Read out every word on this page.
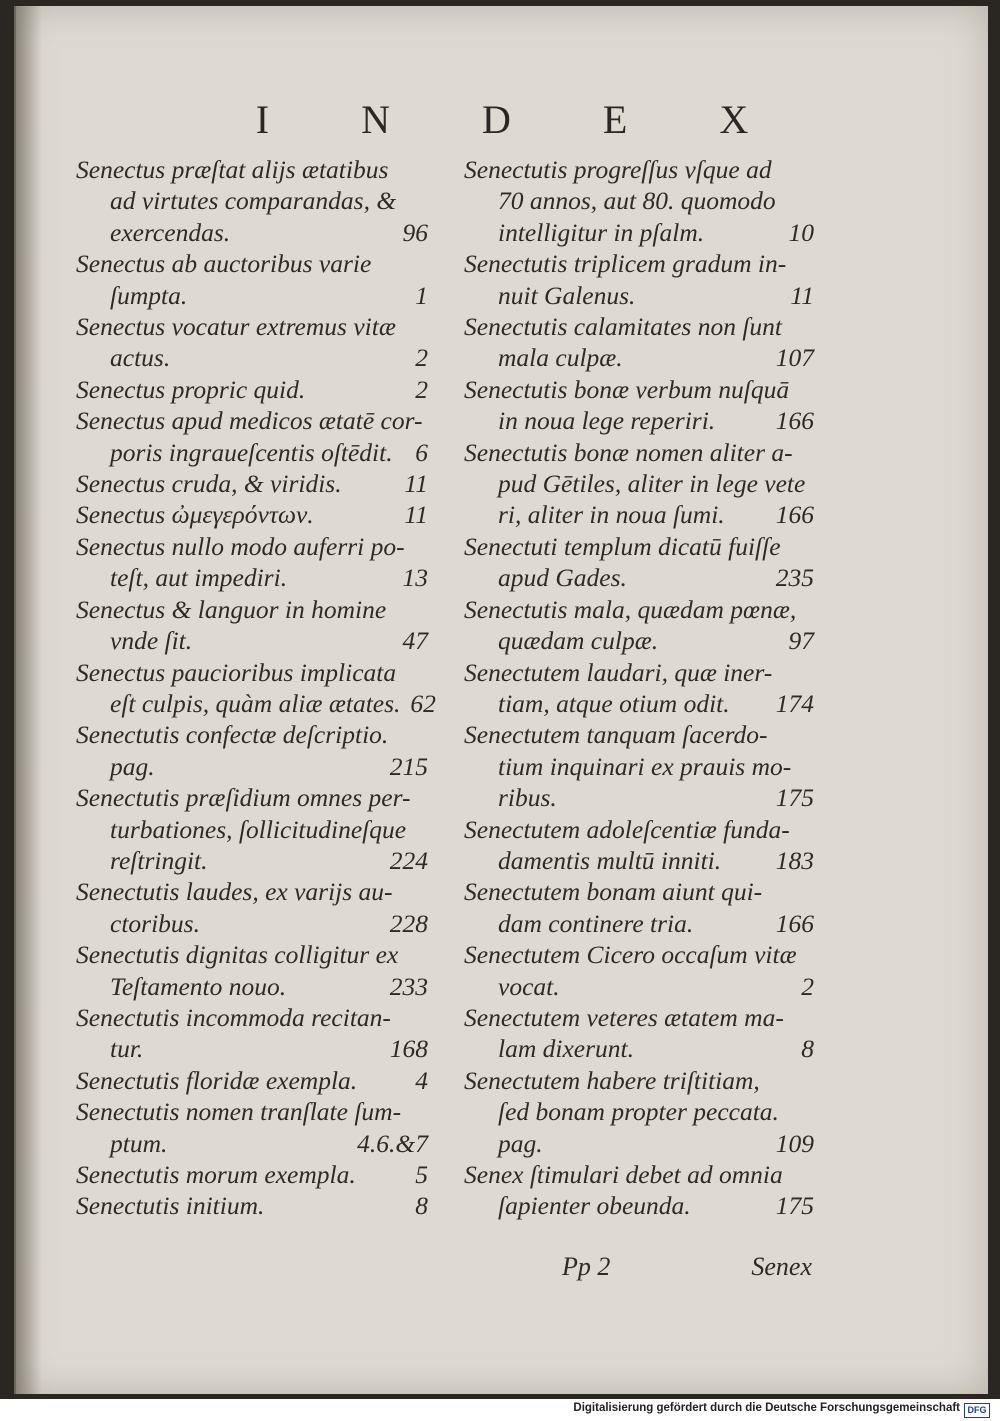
I N D E X
Senectus præſtat alijs ætatibus
ad virtutes comparandas, &
exercendas.	96
Senectus ab auctoribus varie
ſumpta.	1
Senectus vocatur extremus vitæ
actus.	2
Senectus propric quid.	2
Senectus apud medicos ætatē cor-
poris ingraueſcentis oſtēdit. 6
Senectus cruda, & viridis.	11
Senectus ὠμεγερόντων.	11
Senectus nullo modo auferri po-
teſt, aut impediri.	13
Senectus & languor in homine
vnde ſit.	47
Senectus paucioribus implicata
eſt culpis, quàm aliæ ætates. 62
Senectutis confectæ deſcriptio.
pag.	215
Senectutis præſidium omnes per-
turbationes, ſollicitudineſque
reſtringit.	224
Senectutis laudes, ex varijs au-
ctoribus.	228
Senectutis dignitas colligitur ex
Teſtamento nouo.	233
Senectutis incommoda recitan-
tur.	168
Senectutis floridæ exempla.	4
Senectutis nomen tranſlate ſum-
ptum.	4.6.&7
Senectutis morum exempla.	5
Senectutis initium.	8
Senectutis progreſſus vſque ad
70 annos, aut 80. quomodo
intelligitur in pſalm.	10
Senectutis triplicem gradum in-
nuit Galenus.	11
Senectutis calamitates non ſunt
mala culpæ.	107
Senectutis bonæ verbum nuſquā
in noua lege reperiri.	166
Senectutis bonæ nomen aliter a-
pud Gētiles, aliter in lege vete
ri, aliter in noua ſumi.	166
Senectuti templum dicatū fuiſſe
apud Gades.	235
Senectutis mala, quædam pœnæ,
quædam culpæ.	97
Senectutem laudari, quæ iner-
tiam, atque otium odit.	174
Senectutem tanquam ſacerdo-
tium inquinari ex prauis mo-
ribus.	175
Senectutem adoleſcentiæ funda-
damentis multū inniti.	183
Senectutem bonam aiunt qui-
dam continere tria.	166
Senectutem Cicero occaſum vitæ
vocat.	2
Senectutem veteres ætatem ma-
lam dixerunt.	8
Senectutem habere triſtitiam,
ſed bonam propter peccata.
pag.	109
Senex ſtimulari debet ad omnia
ſapienter obeunda.	175
Pp 2	Senex
Digitalisierung gefördert durch die Deutsche Forschungsgemeinschaft DFG
